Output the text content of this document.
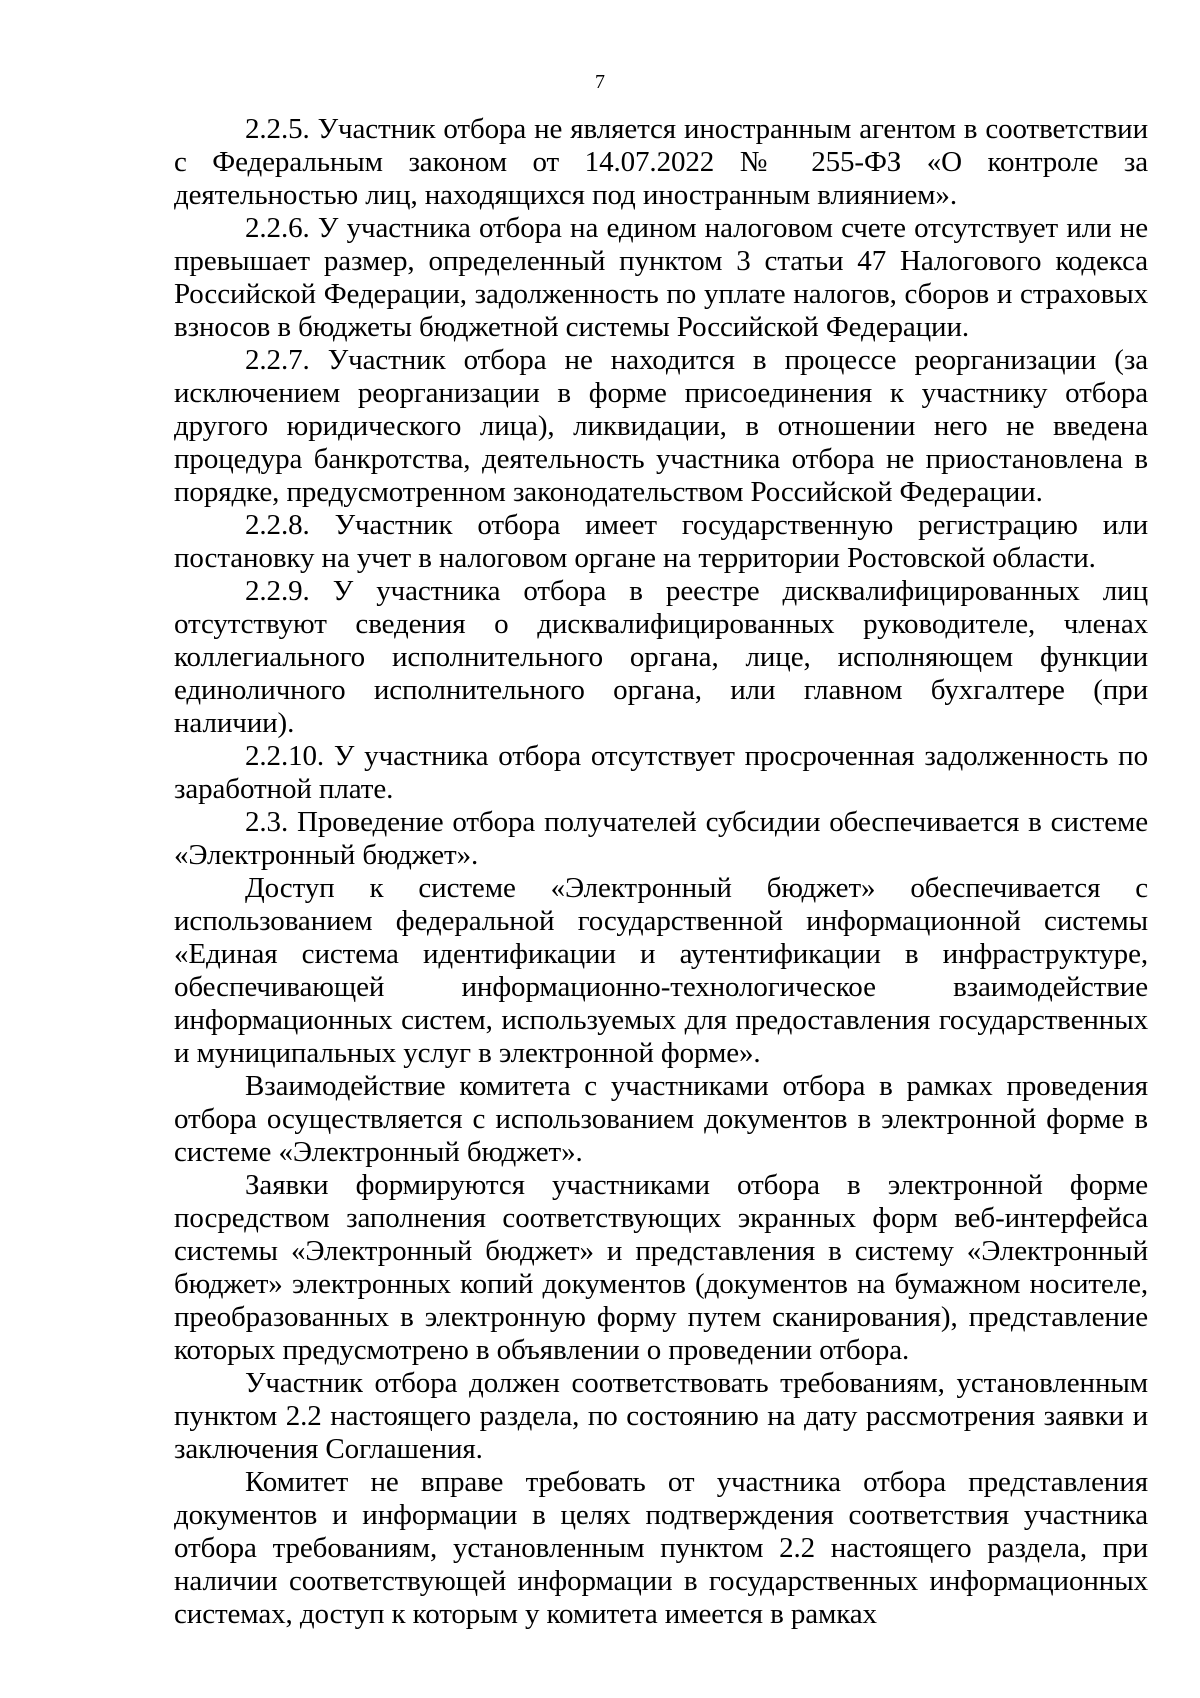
7

2.2.5. Участник отбора не является иностранным агентом в соответствии с Федеральным законом от 14.07.2022 № 255-ФЗ «О контроле за деятельностью лиц, находящихся под иностранным влиянием».

2.2.6. У участника отбора на едином налоговом счете отсутствует или не превышает размер, определенный пунктом 3 статьи 47 Налогового кодекса Российской Федерации, задолженность по уплате налогов, сборов и страховых взносов в бюджеты бюджетной системы Российской Федерации.

2.2.7. Участник отбора не находится в процессе реорганизации (за исключением реорганизации в форме присоединения к участнику отбора другого юридического лица), ликвидации, в отношении него не введена процедура банкротства, деятельность участника отбора не приостановлена в порядке, предусмотренном законодательством Российской Федерации.

2.2.8. Участник отбора имеет государственную регистрацию или постановку на учет в налоговом органе на территории Ростовской области.

2.2.9. У участника отбора в реестре дисквалифицированных лиц отсутствуют сведения о дисквалифицированных руководителе, членах коллегиального исполнительного органа, лице, исполняющем функции единоличного исполнительного органа, или главном бухгалтере (при наличии).

2.2.10. У участника отбора отсутствует просроченная задолженность по заработной плате.

2.3. Проведение отбора получателей субсидии обеспечивается в системе «Электронный бюджет».

Доступ к системе «Электронный бюджет» обеспечивается с использованием федеральной государственной информационной системы «Единая система идентификации и аутентификации в инфраструктуре, обеспечивающей информационно-технологическое взаимодействие информационных систем, используемых для предоставления государственных и муниципальных услуг в электронной форме».

Взаимодействие комитета с участниками отбора в рамках проведения отбора осуществляется с использованием документов в электронной форме в системе «Электронный бюджет».

Заявки формируются участниками отбора в электронной форме посредством заполнения соответствующих экранных форм веб-интерфейса системы «Электронный бюджет» и представления в систему «Электронный бюджет» электронных копий документов (документов на бумажном носителе, преобразованных в электронную форму путем сканирования), представление которых предусмотрено в объявлении о проведении отбора.

Участник отбора должен соответствовать требованиям, установленным пунктом 2.2 настоящего раздела, по состоянию на дату рассмотрения заявки и заключения Соглашения.

Комитет не вправе требовать от участника отбора представления документов и информации в целях подтверждения соответствия участника отбора требованиям, установленным пунктом 2.2 настоящего раздела, при наличии соответствующей информации в государственных информационных системах, доступ к которым у комитета имеется в рамках
